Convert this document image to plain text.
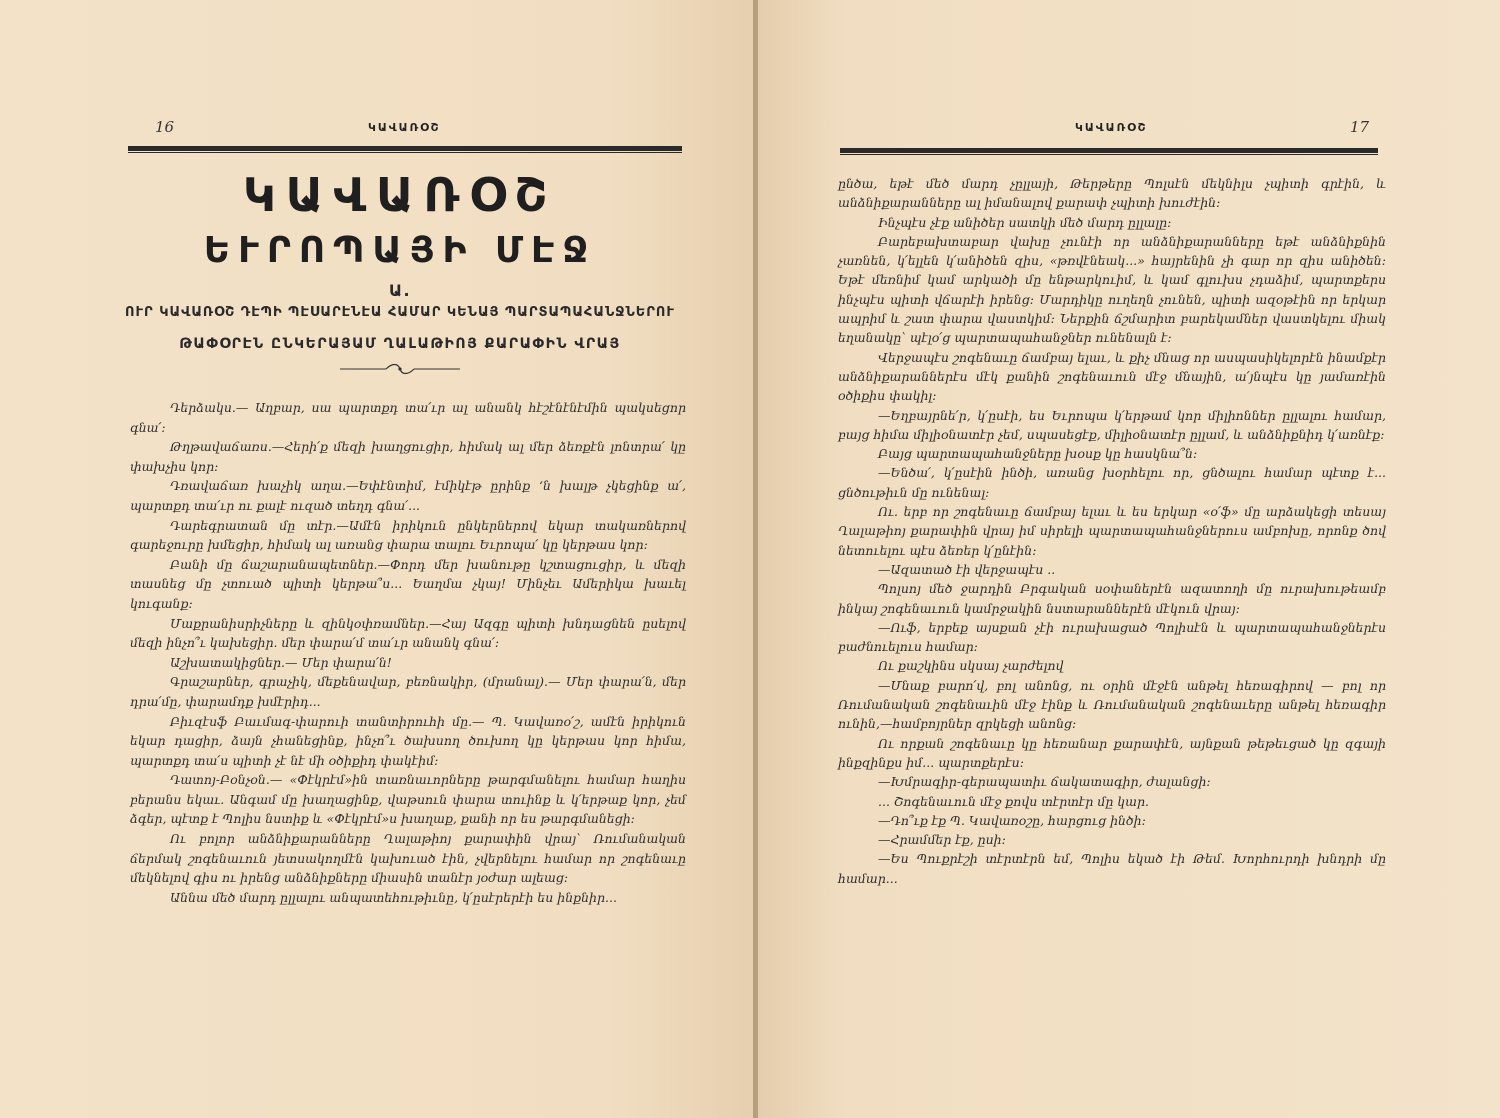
16	ԿԱՎԱՌՕՇ
ԿԱՎԱՌՕՇ
ԵՒՐՈՊԱՅԻ ՄԷՋ
Ա.
ՈՒՐ ԿԱՎԱՌՕՇ ԴԷՊԻ ՊԷՍԱՐԷՆԷԱ ՀԱՄԱՐ ԿԵՆԱՅ ՊԱՐՏԱՊԱՀԱՆՋՆԵՐՈՒ
ԹԱՓՕՐԷՆ ԸՆԿԵՐԱՅԱՄ ՂԱԼԱԹԻՈՅ ՔԱՐԱՓԻՆ ՎՐԱՅ

Դերձակս.— Աղբար, սա պարտքդ տա՛ւր ալ անանկ հէշէնէնէմին պակսեցոր գնա՛։

Թղթավաճառս.—Հերի՛ք մեզի խաղցուցիր, հիմակ ալ մեր ձեռքէն լոնտրա՛ կը փախչիս կոր։

Դռավաճառ խաչիկ աղա.—Եփէնտիմ, էմիկէթ ըրինք ‘ն խալթ չկեցինք ա՛, պարտքդ տա՛ւր ու քալէ ուզած տեղդ գնա՛...

Դարեգրատան մը տէր.—Ամէն իրիկուն ընկերներով եկար տակառներով գարեջուրը խմեցիր, հիմակ ալ առանց փարա տալու Եւրոպա՛ կը կերթաս կոր։

Բանի մը ճաշարանապետներ.—Փորդ մեր խանութը կշտացուցիր, և մեզի տասնեց մը չտուած պիտի կերթա՞ս... Եաղմա չկայ! Մինչեւ Ամերիկա խաւել կուգանք։

Մաքրանիսրիչները և զինկօփռամներ.—Հայ Ազգը պիտի խնդացնեն ըսելով մեզի ինչո՞ւ կախեցիր. մեր փարա՛մ տա՛ւր անանկ գնա՛։

Աշխատակիցներ.— Մեր փարա՛ն!

Գրաշարներ, գրաչիկ, մեքենավար, բեռնակիր, (մրանալ).— Մեր փարա՛ն, մեր դրա՛մը, փարամդք խմէրիդ...

Բիւզէսֆ Բաւմագ-փարուի տանտիրուհի մը.— Պ. Կավառօ՛շ, ամէն իրիկուն եկար դացիր, ձայն չհանեցինք, ինչո՞ւ ծախսող ծուխող կը կերթաս կոր հիմա, պարտքդ տա՛ս պիտի չէ նէ մի օծիքիդ փակէիմ։

Դատոյ-Բօնչօն.— «Փէկրէմ»ին տառնաւորները թարգմանելու համար հաղիս բերանս եկաւ. Անգամ մը խաղացինք, վաթսուն փարա տուինք և կ՛երթաք կոր, չեմ ձգեր, պէտք է Պոլիս նստիք և «Փէկրէմ»ս խաղաք, քանի որ ես թարգմանեցի։

Ու բոլոր անձնիքարանները Ղալաթիոյ քարափին վրայ՝ Ռումանական ճերմակ շոգենաւուն յետսակողմէն կախուած էին, չվերնելու համար որ շոգենաւը մեկնելով գիս ու իրենց անձնիքները միասին տանէր յօժար ալեաց։

Աննա մեծ մարդ ըլլալու անպատեհութիւնը, կ՛ըսէրերէի ես ինքնիր...

17
ԿԱՎԱՌՕՇ

ընծա, եթէ մեծ մարդ չըլլայի, Թերթերը Պոլսէն մեկնիլս չպիտի գրէին, և անձնիքարանները ալ իմանալով քարափ չպիտի խուժէին։

Ինչպէս չէք անիծեր սատկի մեծ մարդ ըլլալը։

Բարեբախտաբար վախը չունէի որ անձնիքարանները եթէ անձնիքնին չառնեն, կ՛ելլեն կ՛անիծեն զիս, «թռվէնեակ...» հայրենին չի գար որ զիս անիծեն։ Եթէ մեռնիմ կամ արկածի մը ենթարկուիմ, և կամ գլուխս չդաձիմ, պարտքերս ինչպէս պիտի վճարէի իրենց։ Մարդիկը ուղեղն չունեն, պիտի ազօթէին որ երկար ապրիմ և շատ փարա վաստկիմ։ Ներքին ճշմարիտ բարեկամներ վաստկելու միակ եղանակը՝ պէլօ՛ց պարտապահանջներ ունենալն է։

Վերջապէս շոգենաւը ճամբայ ելաւ, և քիչ մնաց որ ասպասիկելորէն ինամքէր անձնիքարաններէս մէկ քանին շոգենաւուն մէջ մնային, ա՛յնպէս կը յամառէին օծիքիս փակիլ։

—Եղբայրնե՛ր, կ՛ըսէի, ես Եւրոպա կ՛երթամ կոր միլիոններ ըլլալու համար, բայց հիմա միլիօնատէր չեմ, սպասեցէք, միլիօնատէր ըլլամ, և անձնիքնիդ կ՛առնէք։

Բայց պարտապահանջները խօսք կը հասկնա՞ն։

—Ենծա՛, կ՛ըսէին ինծի, առանց խօրհելու որ, ցնծալու համար պէտք է... ցնծութիւն մը ունենալ։

Ու. երբ որ շոգենաւը ճամբայ ելաւ և ես երկար «օ՛ֆ» մը արձակեցի տեսայ Ղալաթիոյ քարափին վրայ իմ սիրելի պարտապահանջներուս ամբոխը, որոնք ծով նետուելու պէս ձեռեր կ՛ընէին։

—Ազատած էի վերջապէս ..

Պոլսոյ մեծ ջարդին Բրգական սօփաներէն ազատողի մը ուրախութեամբ ինկայ շոգենաւուն կամրջակին նստարաններէն մէկուն վրայ։

—Ուֆ, երբեք այսքան չէի ուրախացած Պոլիսէն և պարտապահանջներէս բաժնուելուս համար։

Ու քաշկինս սկսայ չարժելով

—Մնաք բարո՛վ, բոլ անոնց, ու օրին մէջէն անթել հեռագիրով — բոլ որ Ռումանական շոգենաւին մէջ էինք և Ռումանական շոգենաւերը անթել հեռագիր ունին,—համբոյրներ զրկեցի անոնց։

Ու որքան շոգենաւը կը հեռանար քարափէն, այնքան թեթեւցած կը զգայի ինքզինքս իմ... պարտքերէս։

—Խմրագիր-գերապատիւ ճակատագիր, ժալանցի։

... Շոգենաւուն մէջ քովս տէրտէր մը կար.

—Դո՞ւք էք Պ. Կավառօշը, հարցուց ինծի։

—Հրամմեր էք, ըսի։

—Ես Պուքրէշի տէրտէրն եմ, Պոլիս եկած էի Թեմ. Խորհուրդի խնդրի մը համար...
